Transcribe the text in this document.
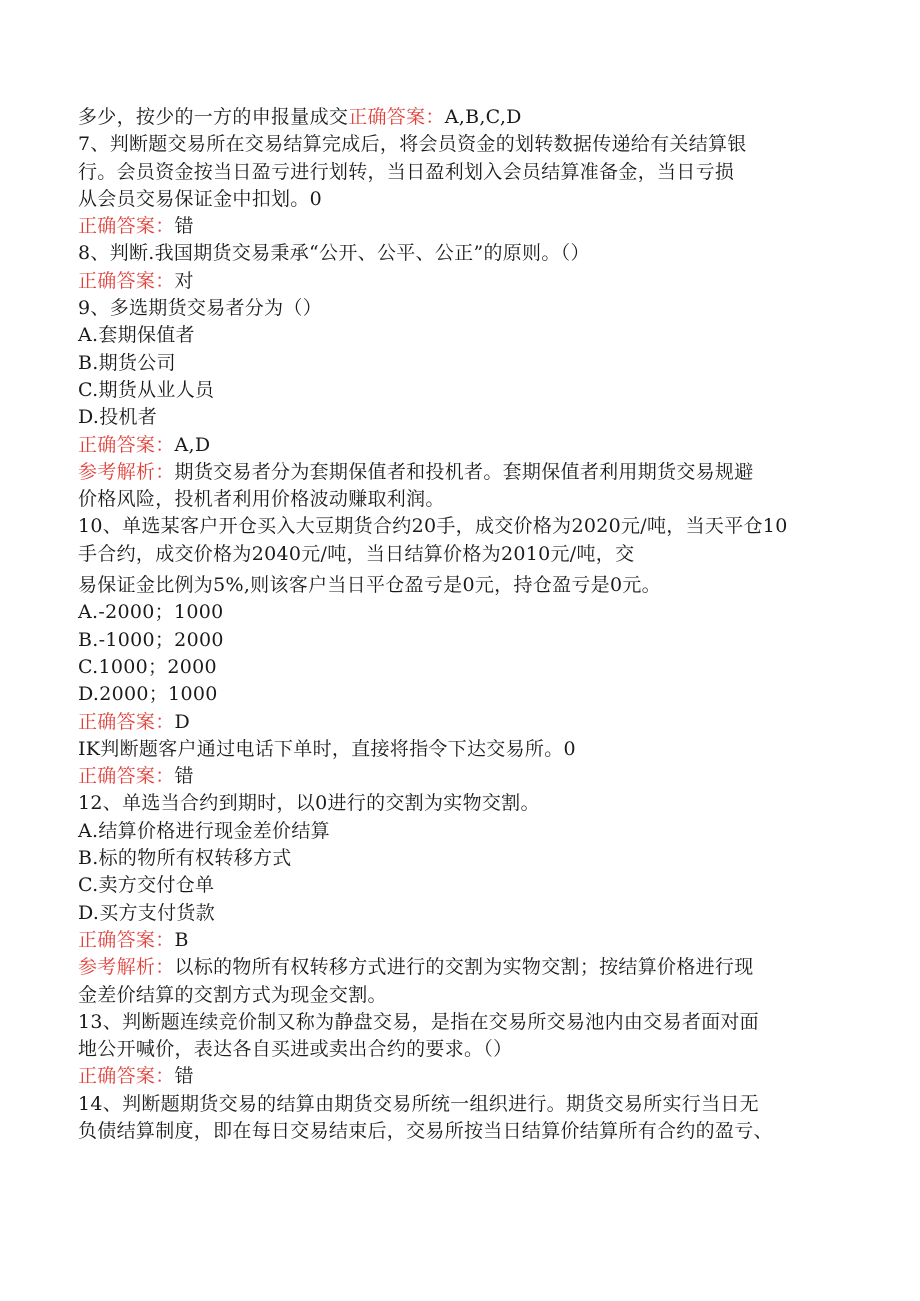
多少，按少的一方的申报量成交正确答案：A,B,C,D
7、判断题交易所在交易结算完成后，将会员资金的划转数据传递给有关结算银
行。会员资金按当日盈亏进行划转，当日盈利划入会员结算准备金，当日亏损
从会员交易保证金中扣划。0
正确答案：错
8、判断.我国期货交易秉承“公开、公平、公正”的原则。（）
正确答案：对
9、多选期货交易者分为（）
A.套期保值者
B.期货公司
C.期货从业人员
D.投机者
正确答案：A,D
参考解析：期货交易者分为套期保值者和投机者。套期保值者利用期货交易规避
价格风险，投机者利用价格波动赚取利润。
10、单选某客户开仓买入大豆期货合约20手，成交价格为2020元/吨，当天平仓10
手合约，成交价格为2040元/吨，当日结算价格为2010元/吨，交
易保证金比例为5%,则该客户当日平仓盈亏是0元，持仓盈亏是0元。
A.-2000；1000
B.-1000；2000
C.1000；2000
D.2000；1000
正确答案：D
IK判断题客户通过电话下单时，直接将指令下达交易所。0
正确答案：错
12、单选当合约到期时，以0进行的交割为实物交割。
A.结算价格进行现金差价结算
B.标的物所有权转移方式
C.卖方交付仓单
D.买方支付货款
正确答案：B
参考解析：以标的物所有权转移方式进行的交割为实物交割；按结算价格进行现
金差价结算的交割方式为现金交割。
13、判断题连续竞价制又称为静盘交易，是指在交易所交易池内由交易者面对面
地公开喊价，表达各自买进或卖出合约的要求。（）
正确答案：错
14、判断题期货交易的结算由期货交易所统一组织进行。期货交易所实行当日无
负债结算制度，即在每日交易结束后，交易所按当日结算价结算所有合约的盈亏、
